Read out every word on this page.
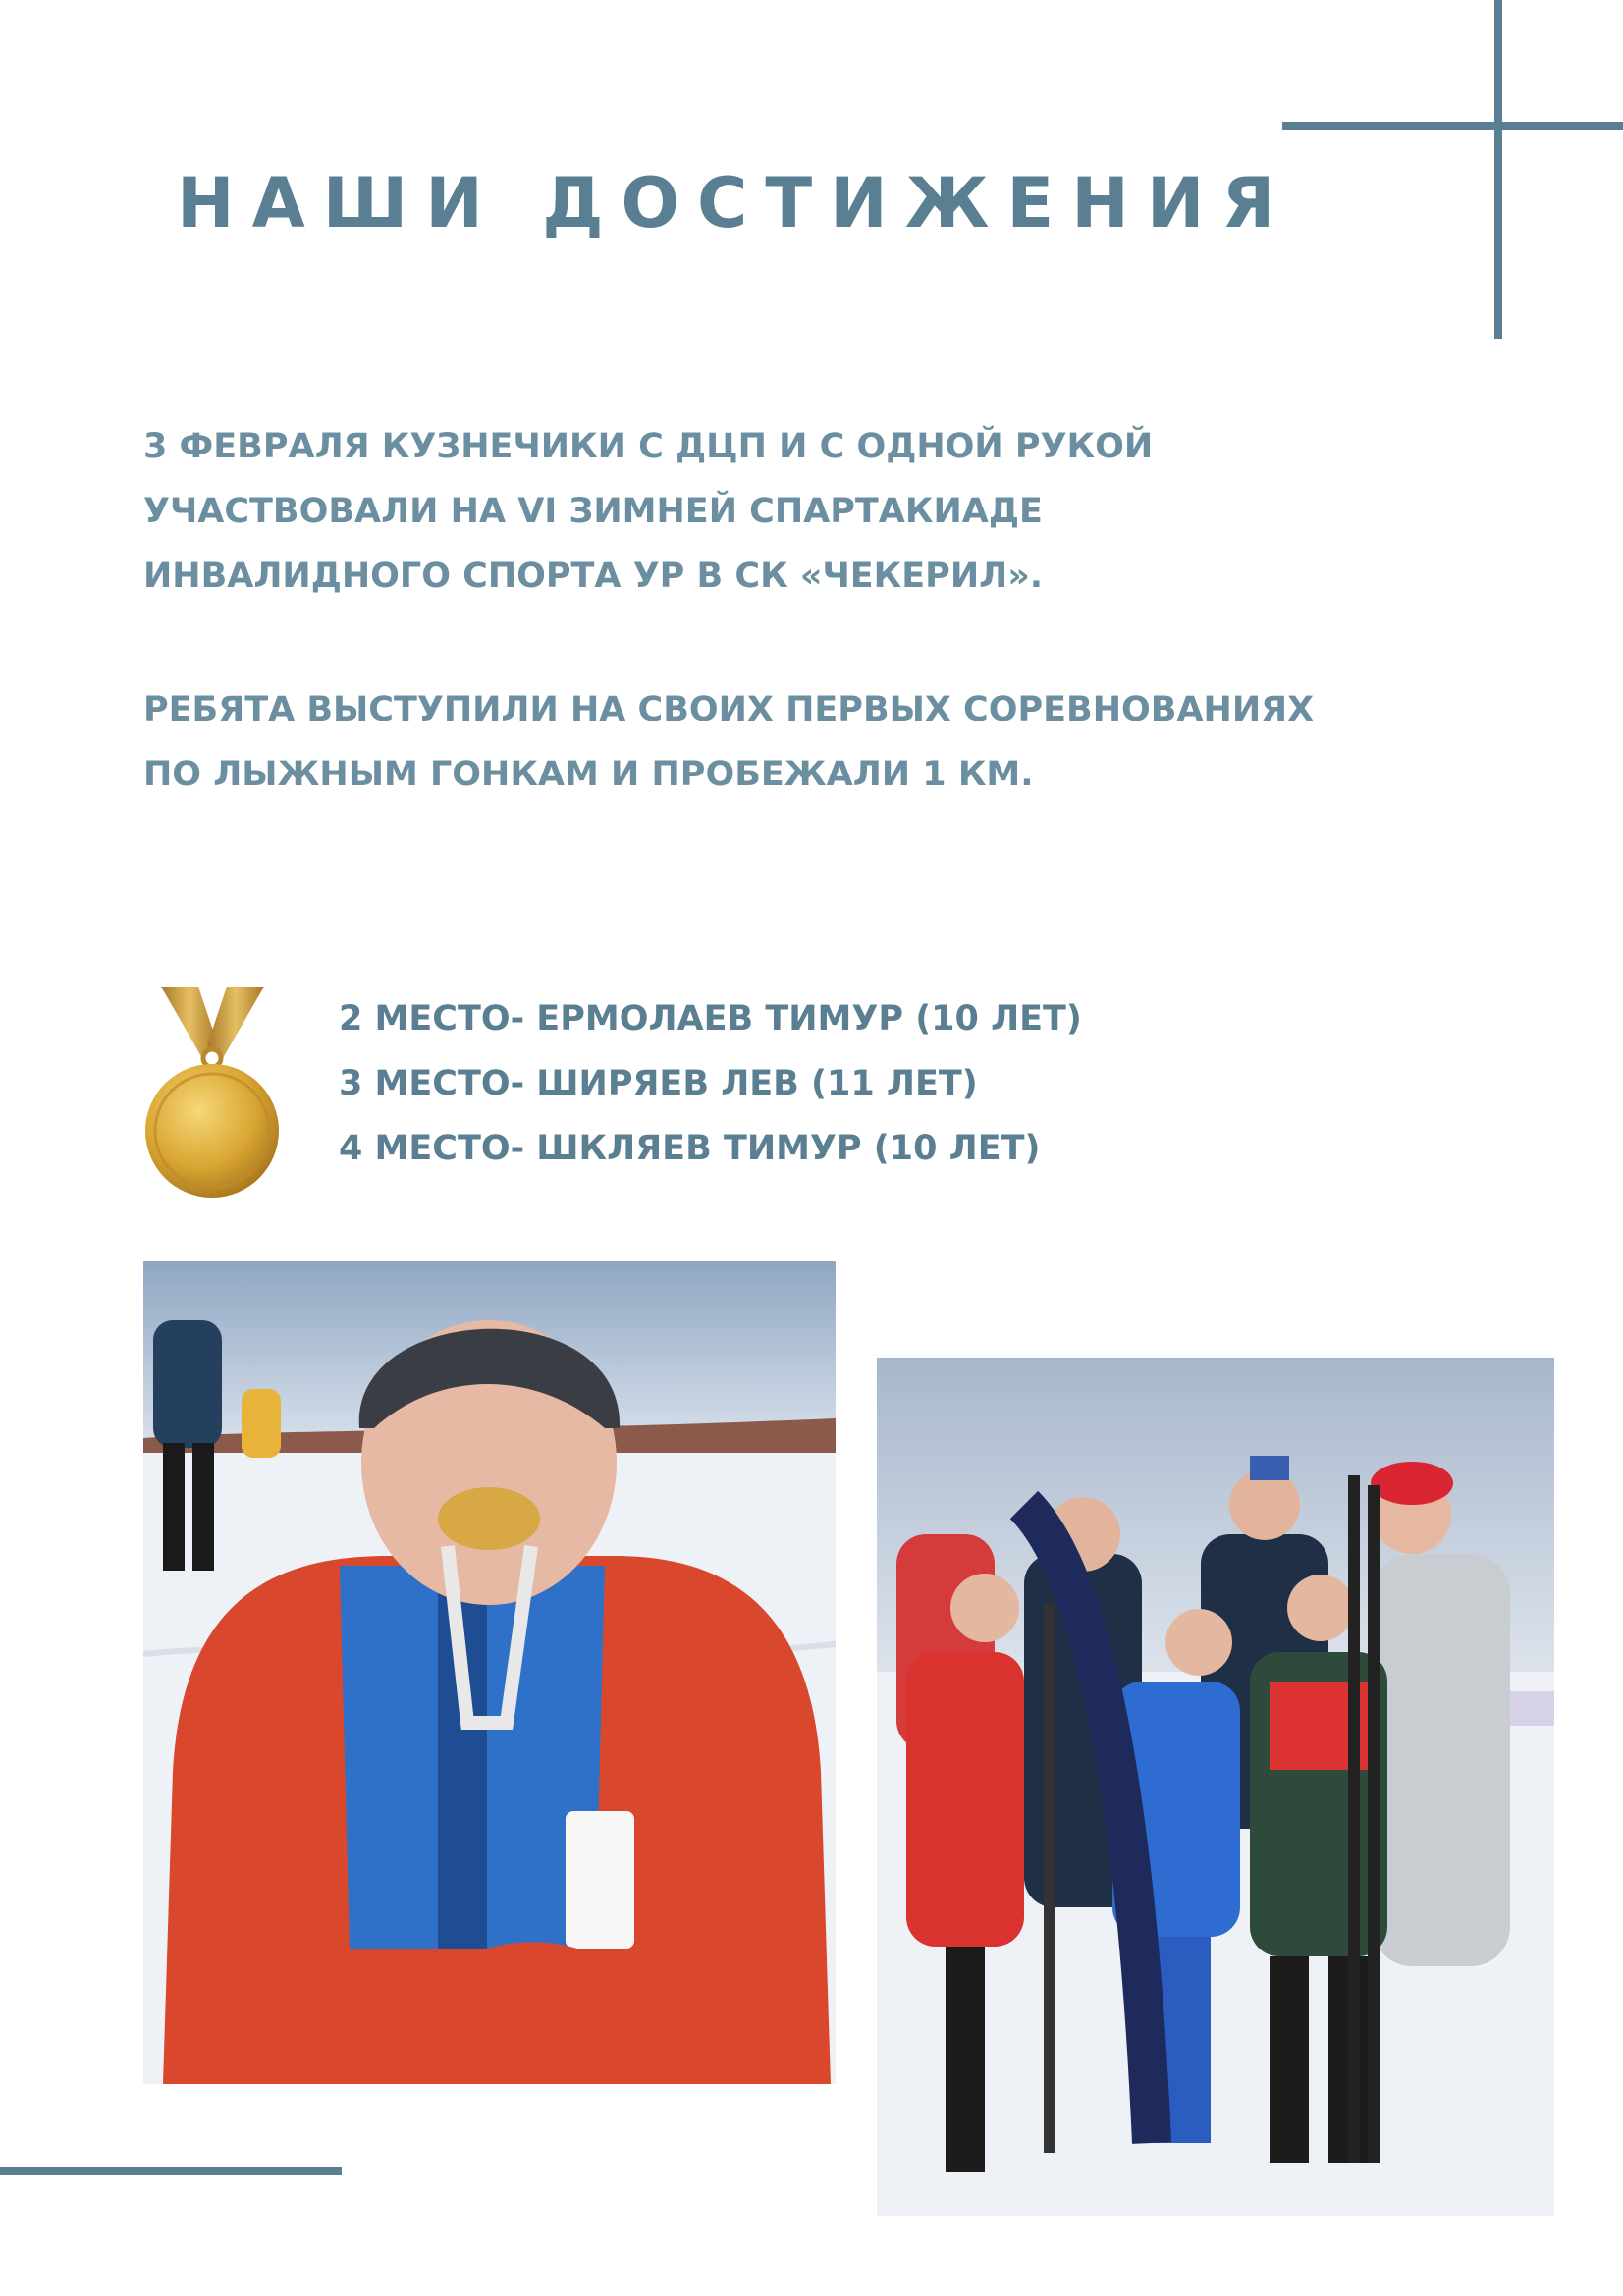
НАШИ ДОСТИЖЕНИЯ
3 ФЕВРАЛЯ КУЗНЕЧИКИ С ДЦП И С ОДНОЙ РУКОЙ
УЧАСТВОВАЛИ НА VI ЗИМНЕЙ СПАРТАКИАДЕ
ИНВАЛИДНОГО СПОРТА УР В СК «ЧЕКЕРИЛ».
РЕБЯТА ВЫСТУПИЛИ НА СВОИХ ПЕРВЫХ СОРЕВНОВАНИЯХ
ПО ЛЫЖНЫМ ГОНКАМ И ПРОБЕЖАЛИ 1 КМ.
2 МЕСТО- ЕРМОЛАЕВ ТИМУР (10 ЛЕТ)
3 МЕСТО- ШИРЯЕВ ЛЕВ (11 ЛЕТ)
4 МЕСТО- ШКЛЯЕВ ТИМУР (10 ЛЕТ)
